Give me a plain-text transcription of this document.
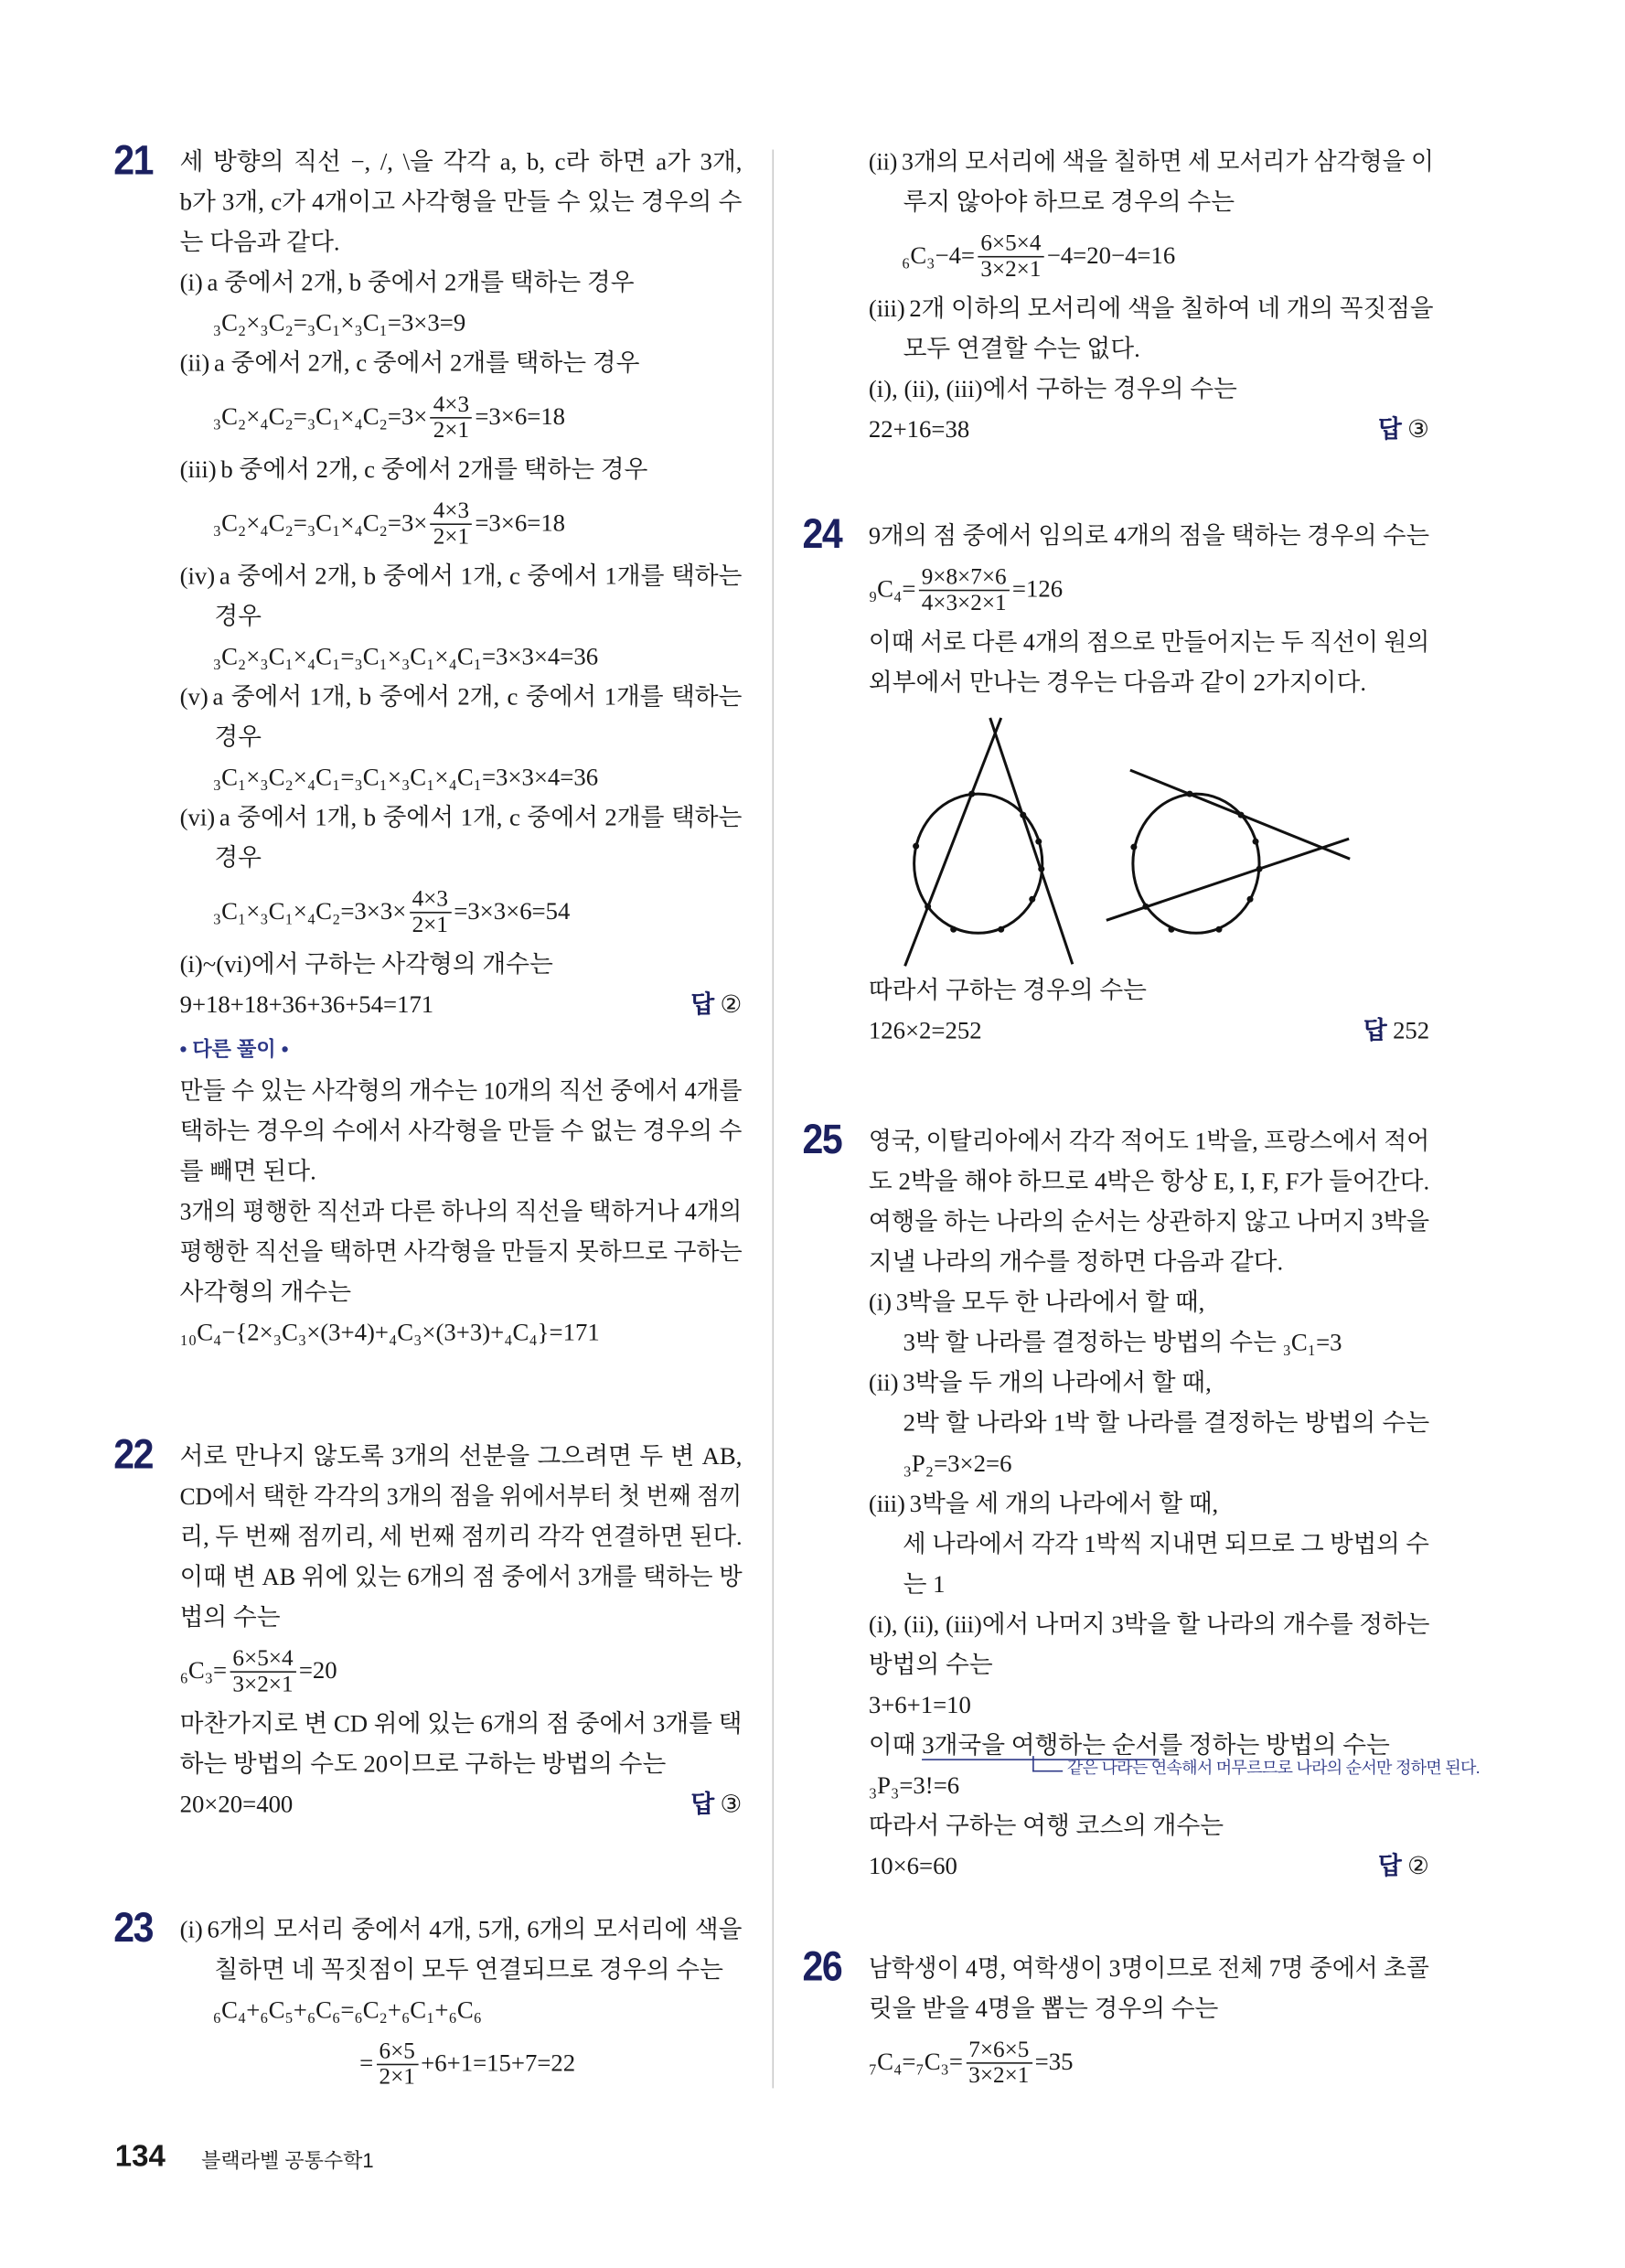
21 세 방향의 직선 −, /, \을 각각 a, b, c라 하면 a가 3개,
b가 3개, c가 4개이고 사각형을 만들 수 있는 경우의 수
는 다음과 같다.
(i) a 중에서 2개, b 중에서 2개를 택하는 경우
₃C₂×₃C₂=₃C₁×₃C₁=3×3=9
(ii) a 중에서 2개, c 중에서 2개를 택하는 경우
$_3C_2\times_4C_2=_3C_1\times_4C_2=3\times \frac{4\times 3}{2\times 1} =3\times 6=18$
(iii) b 중에서 2개, c 중에서 2개를 택하는 경우
$_3C_2\times_4C_2=_3C_1\times_4C_2=3\times \frac{4\times 3}{2\times 1} =3\times 6=18$
(iv) a 중에서 2개, b 중에서 1개, c 중에서 1개를 택하는
경우
₃C₂×₃C₁×₄C₁=₃C₁×₃C₁×₄C₁=3×3×4=36
(v) a 중에서 1개, b 중에서 2개, c 중에서 1개를 택하는
경우
₃C₁×₃C₂×₄C₁=₃C₁×₃C₁×₄C₁=3×3×4=36
(vi) a 중에서 1개, b 중에서 1개, c 중에서 2개를 택하는
경우
$_3C_1\times_3C_1\times_4C_2=3\times 3\times \frac{4\times 3}{2\times 1} =3\times 3\times 6=54$
(i)~(vi)에서 구하는 사각형의 개수는
9+18+18+36+36+54=171	답 ②
• 다른 풀이 •
만들 수 있는 사각형의 개수는 10개의 직선 중에서 4개를
택하는 경우의 수에서 사각형을 만들 수 없는 경우의 수
를 빼면 된다.
3개의 평행한 직선과 다른 하나의 직선을 택하거나 4개의
평행한 직선을 택하면 사각형을 만들지 못하므로 구하는
사각형의 개수는
₁₀C₄−{2×₃C₃×(3+4)+₄C₃×(3+3)+₄C₄}=171
22 서로 만나지 않도록 3개의 선분을 그으려면 두 변 AB,
CD에서 택한 각각의 3개의 점을 위에서부터 첫 번째 점끼
리, 두 번째 점끼리, 세 번째 점끼리 각각 연결하면 된다.
이때 변 AB 위에 있는 6개의 점 중에서 3개를 택하는 방
법의 수는
$_6C_3= \frac{6\times 5\times 4}{3\times 2\times 1} =20$
마찬가지로 변 CD 위에 있는 6개의 점 중에서 3개를 택
하는 방법의 수도 20이므로 구하는 방법의 수는
20×20=400	답 ③
23 (i) 6개의 모서리 중에서 4개, 5개, 6개의 모서리에 색을
칠하면 네 꼭짓점이 모두 연결되므로 경우의 수는
₆C₄+₆C₅+₆C₆=₆C₂+₆C₁+₆C₆
= $\frac{6\times 5}{2\times 1} +6+1=15+7=22$
(ii) 3개의 모서리에 색을 칠하면 세 모서리가 삼각형을 이
루지 않아야 하므로 경우의 수는
$_6C_3-4= \frac{6\times 5\times 4}{3\times 2\times 1} -4=20-4=16$
(iii) 2개 이하의 모서리에 색을 칠하여 네 개의 꼭짓점을
모두 연결할 수는 없다.
(i), (ii), (iii)에서 구하는 경우의 수는
22+16=38	답 ③
24 9개의 점 중에서 임의로 4개의 점을 택하는 경우의 수는
$_9C_4= \frac{9\times 8\times 7\times 6}{4\times 3\times 2\times 1} =126$
이때 서로 다른 4개의 점으로 만들어지는 두 직선이 원의
외부에서 만나는 경우는 다음과 같이 2가지이다.
따라서 구하는 경우의 수는
126×2=252	답 252
25 영국, 이탈리아에서 각각 적어도 1박을, 프랑스에서 적어
도 2박을 해야 하므로 4박은 항상 E, I, F, F가 들어간다.
여행을 하는 나라의 순서는 상관하지 않고 나머지 3박을
지낼 나라의 개수를 정하면 다음과 같다.
(i) 3박을 모두 한 나라에서 할 때,
3박 할 나라를 결정하는 방법의 수는 ₃C₁=3
(ii) 3박을 두 개의 나라에서 할 때,
2박 할 나라와 1박 할 나라를 결정하는 방법의 수는
₃P₂=3×2=6
(iii) 3박을 세 개의 나라에서 할 때,
세 나라에서 각각 1박씩 지내면 되므로 그 방법의 수
는 1
(i), (ii), (iii)에서 나머지 3박을 할 나라의 개수를 정하는
방법의 수는
3+6+1=10
이때 3개국을 여행하는 순서를 정하는 방법의 수는
같은 나라는 연속해서 머무르므로 나라의 순서만 정하면 된다.
₃P₃=3!=6
따라서 구하는 여행 코스의 개수는
10×6=60	답 ②
26 남학생이 4명, 여학생이 3명이므로 전체 7명 중에서 초콜
릿을 받을 4명을 뽑는 경우의 수는
$_7C_4=_7C_3= \frac{7\times 6\times 5}{3\times 2\times 1} =35$
134	블랙라벨 공통수학1
